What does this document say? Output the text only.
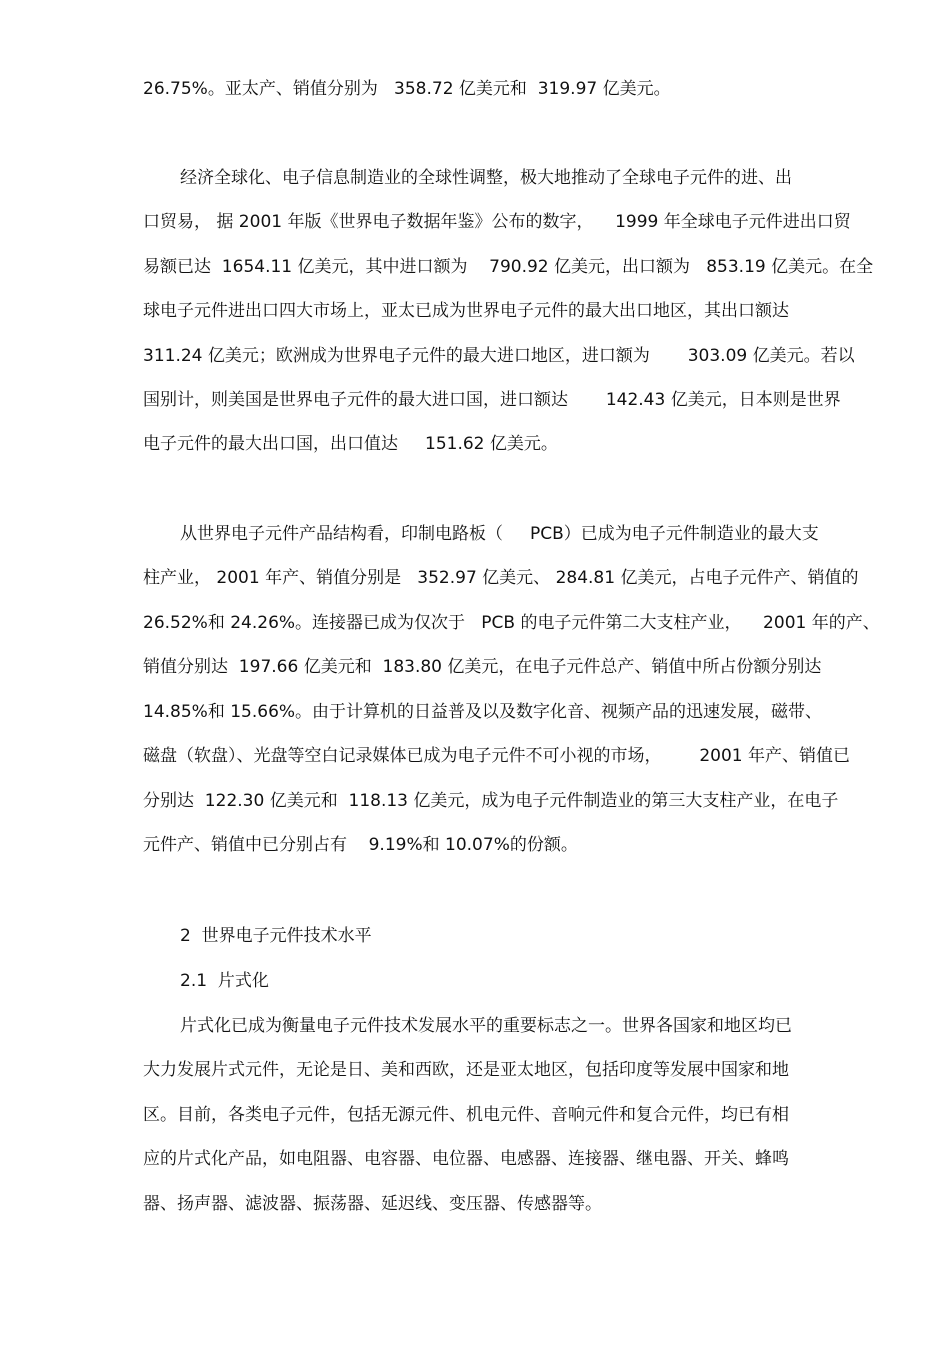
26.75%。亚太产、销值分别为   358.72 亿美元和  319.97 亿美元。
经济全球化、电子信息制造业的全球性调整，极大地推动了全球电子元件的进、出
口贸易， 据 2001 年版《世界电子数据年鉴》公布的数字，    1999 年全球电子元件进出口贸
易额已达  1654.11 亿美元，其中进口额为    790.92 亿美元，出口额为   853.19 亿美元。在全
球电子元件进出口四大市场上，亚太已成为世界电子元件的最大出口地区，其出口额达
311.24 亿美元；欧洲成为世界电子元件的最大进口地区，进口额为       303.09 亿美元。若以
国别计，则美国是世界电子元件的最大进口国，进口额达       142.43 亿美元，日本则是世界
电子元件的最大出口国，出口值达     151.62 亿美元。
从世界电子元件产品结构看，印制电路板（     PCB）已成为电子元件制造业的最大支
柱产业， 2001 年产、销值分别是   352.97 亿美元、 284.81 亿美元，占电子元件产、销值的
26.52%和 24.26%。连接器已成为仅次于   PCB 的电子元件第二大支柱产业，    2001 年的产、
销值分别达  197.66 亿美元和  183.80 亿美元，在电子元件总产、销值中所占份额分别达
14.85%和 15.66%。由于计算机的日益普及以及数字化音、视频产品的迅速发展，磁带、
磁盘（软盘）、光盘等空白记录媒体已成为电子元件不可小视的市场，       2001 年产、销值已
分别达  122.30 亿美元和  118.13 亿美元，成为电子元件制造业的第三大支柱产业，在电子
元件产、销值中已分别占有    9.19%和 10.07%的份额。
2  世界电子元件技术水平
2.1  片式化
片式化已成为衡量电子元件技术发展水平的重要标志之一。世界各国家和地区均已
大力发展片式元件，无论是日、美和西欧，还是亚太地区，包括印度等发展中国家和地
区。目前，各类电子元件，包括无源元件、机电元件、音响元件和复合元件，均已有相
应的片式化产品，如电阻器、电容器、电位器、电感器、连接器、继电器、开关、蜂鸣
器、扬声器、滤波器、振荡器、延迟线、变压器、传感器等。
